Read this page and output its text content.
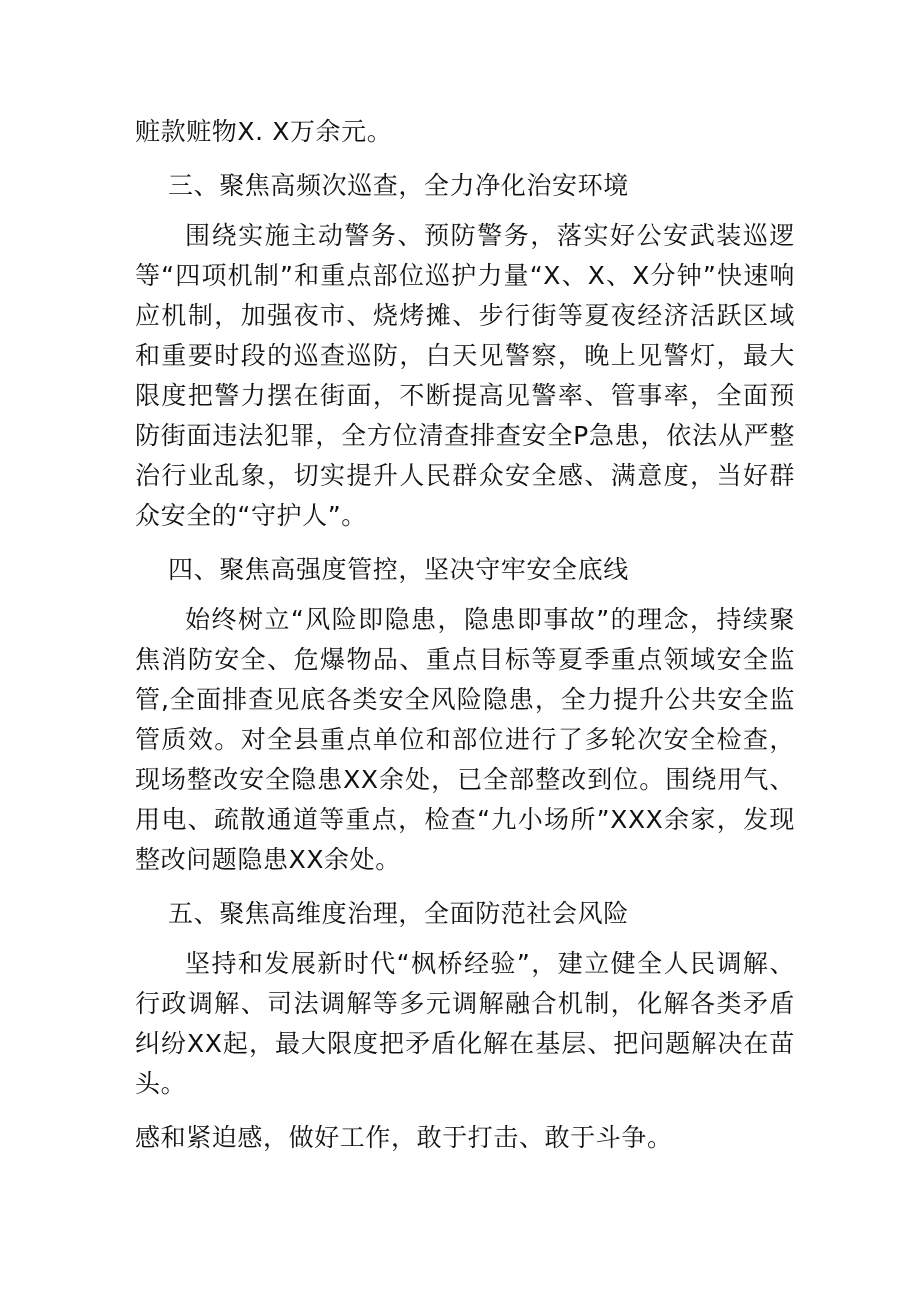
赃款赃物X. X万余元。

三、聚焦高频次巡查，全力净化治安环境

围绕实施主动警务、预防警务，落实好公安武装巡逻等“四项机制”和重点部位巡护力量“X、X、X分钟”快速响应机制，加强夜市、烧烤摊、步行街等夏夜经济活跃区域和重要时段的巡查巡防，白天见警察，晚上见警灯，最大限度把警力摆在街面，不断提高见警率、管事率，全面预防街面违法犯罪，全方位清查排查安全P急患，依法从严整治行业乱象，切实提升人民群众安全感、满意度，当好群众安全的“守护人”。

四、聚焦高强度管控，坚决守牢安全底线

始终树立“风险即隐患，隐患即事故”的理念，持续聚焦消防安全、危爆物品、重点目标等夏季重点领域安全监管,全面排查见底各类安全风险隐患，全力提升公共安全监管质效。对全县重点单位和部位进行了多轮次安全检查，现场整改安全隐患XX余处，已全部整改到位。围绕用气、用电、疏散通道等重点，检查“九小场所”XXX余家，发现整改问题隐患XX余处。

五、聚焦高维度治理，全面防范社会风险

坚持和发展新时代“枫桥经验”，建立健全人民调解、行政调解、司法调解等多元调解融合机制，化解各类矛盾纠纷XX起，最大限度把矛盾化解在基层、把问题解决在苗头。

感和紧迫感，做好工作，敢于打击、敢于斗争。
